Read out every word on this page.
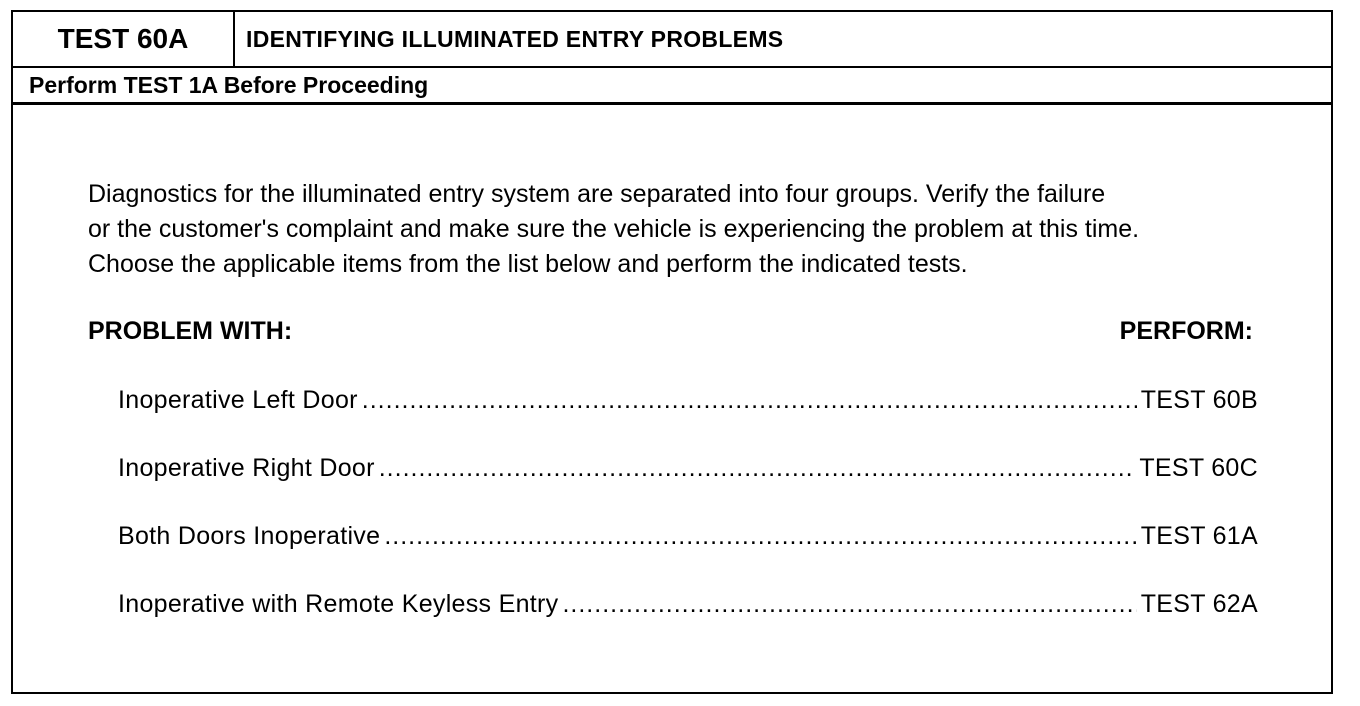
TEST 60A	IDENTIFYING ILLUMINATED ENTRY PROBLEMS
Perform TEST 1A Before Proceeding

Diagnostics for the illuminated entry system are separated into four groups. Verify the failure
or the customer's complaint and make sure the vehicle is experiencing the problem at this time.
Choose the applicable items from the list below and perform the indicated tests.

PROBLEM WITH:	PERFORM:
Inoperative Left Door .....	TEST 60B
Inoperative Right Door .....	TEST 60C
Both Doors Inoperative .....	TEST 61A
Inoperative with Remote Keyless Entry .....	TEST 62A
